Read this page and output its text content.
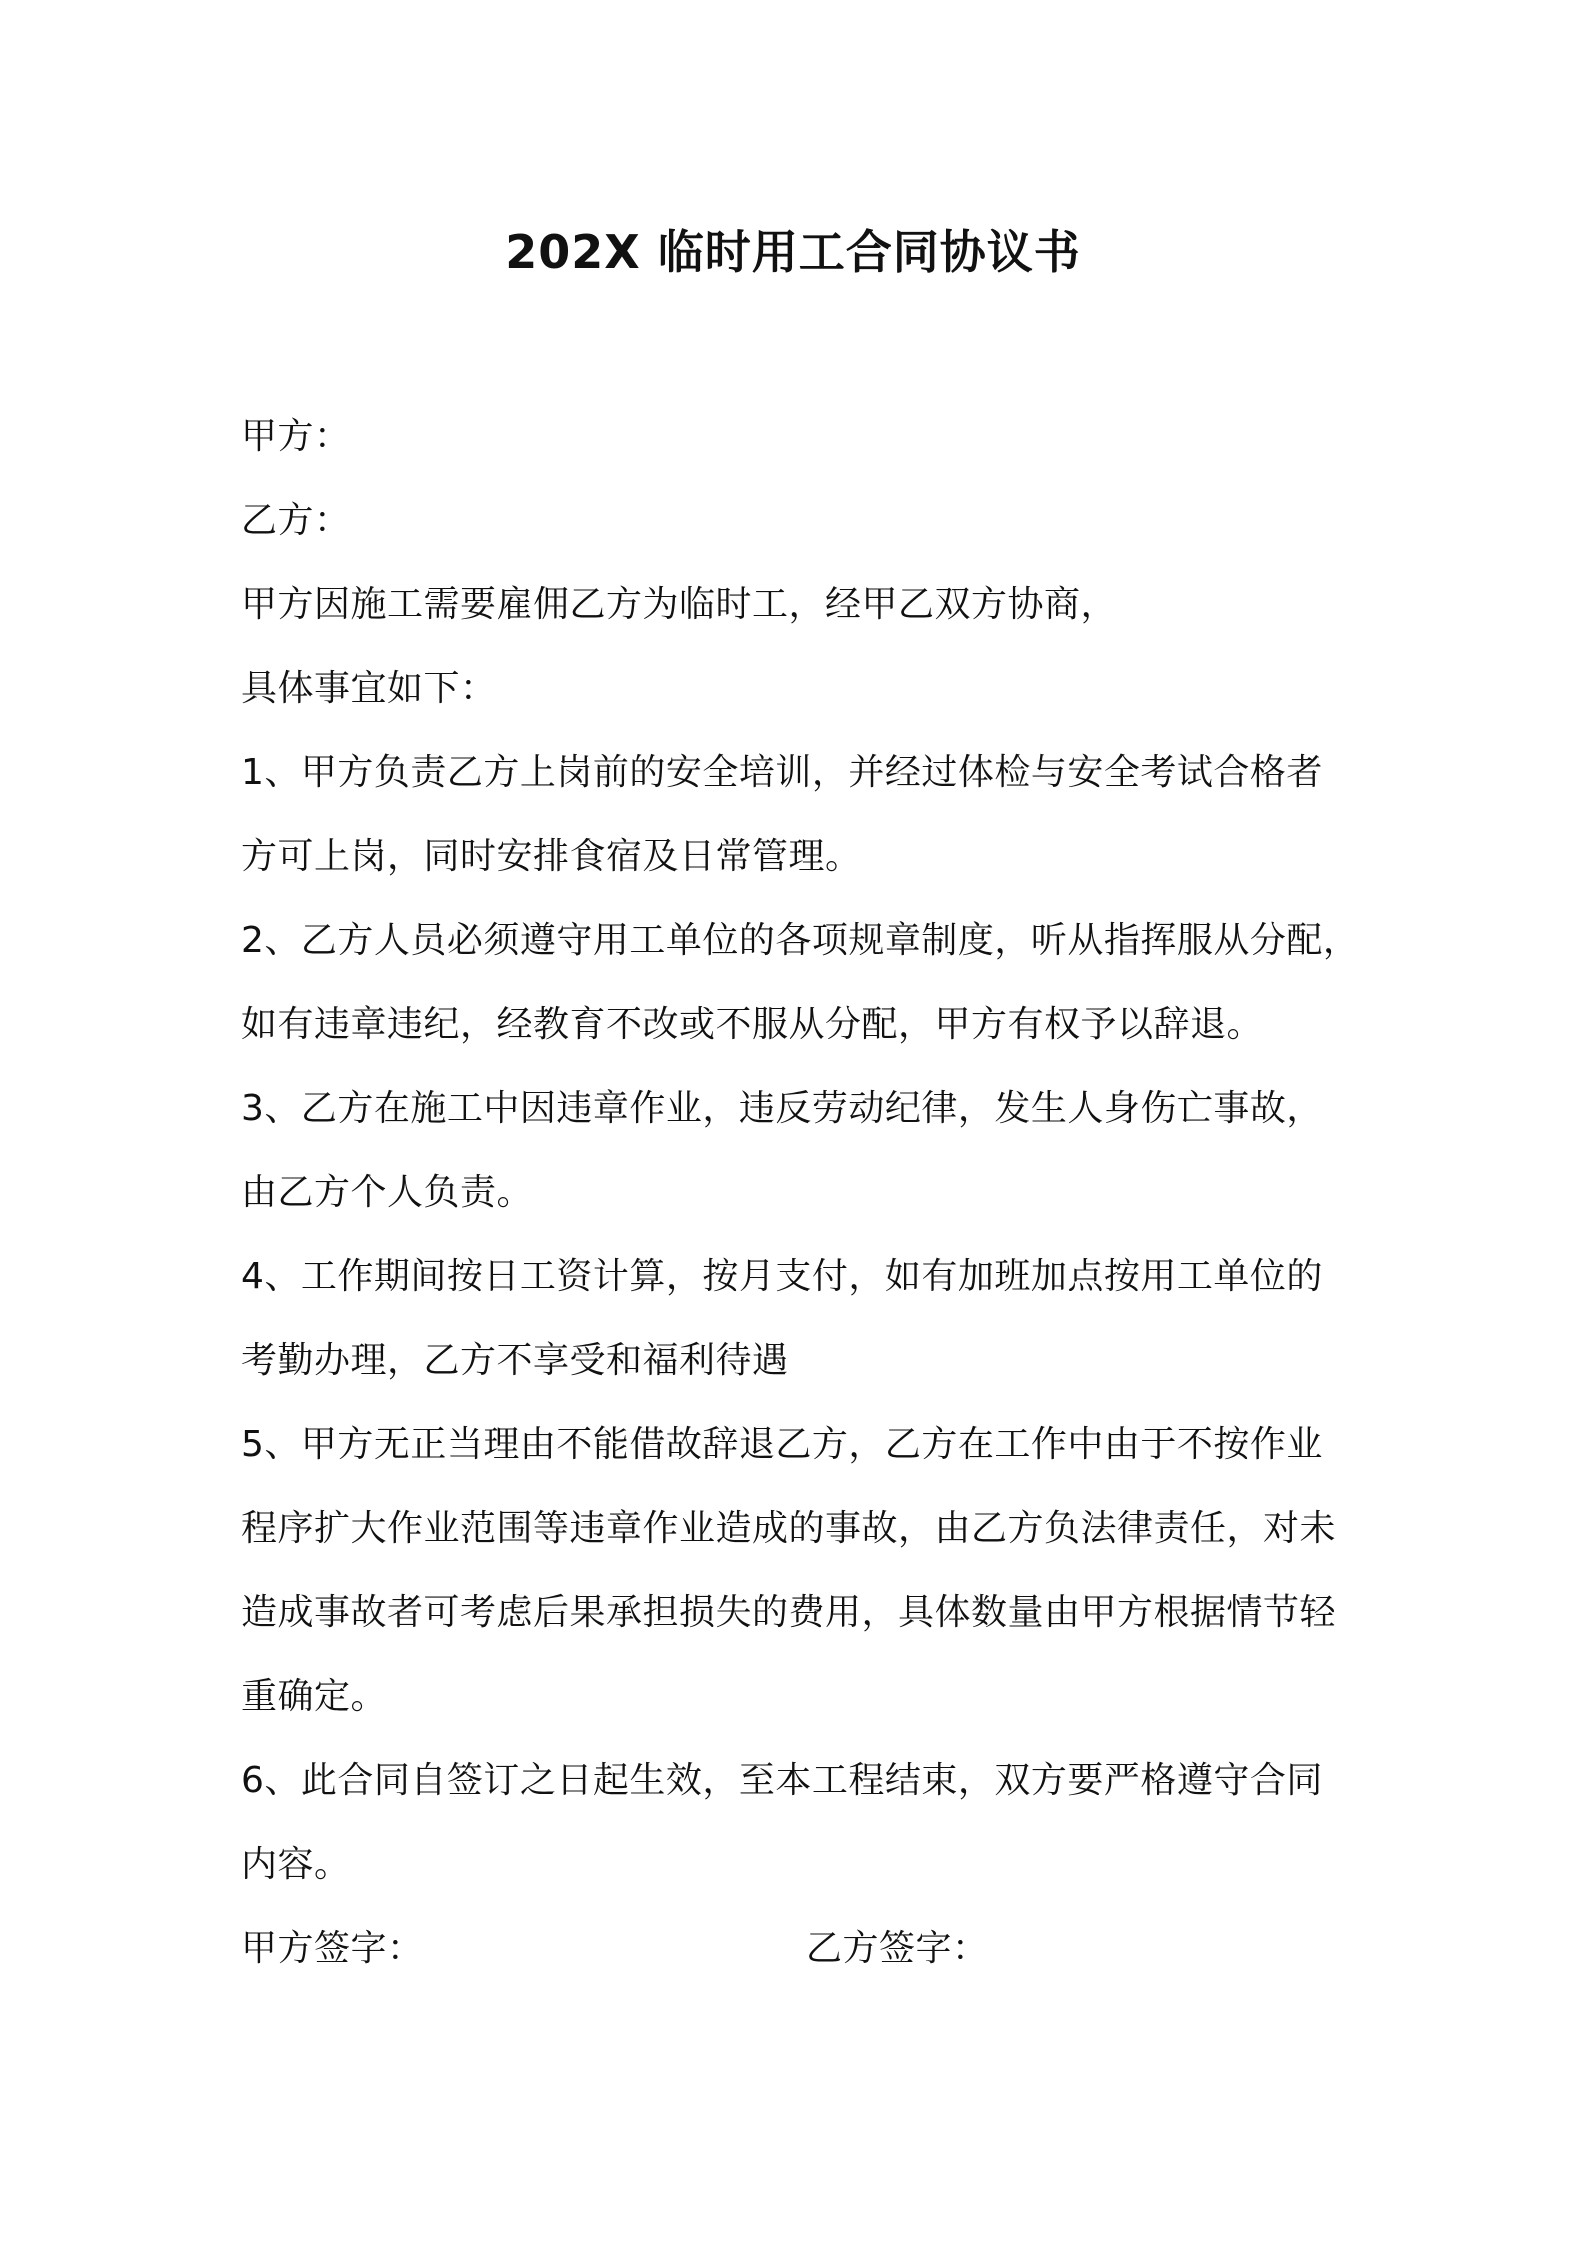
202X 临时用工合同协议书
甲方：
乙方：
甲方因施工需要雇佣乙方为临时工，经甲乙双方协商，
具体事宜如下：
1、甲方负责乙方上岗前的安全培训，并经过体检与安全考试合格者
方可上岗，同时安排食宿及日常管理。
2、乙方人员必须遵守用工单位的各项规章制度，听从指挥服从分配，
如有违章违纪，经教育不改或不服从分配，甲方有权予以辞退。
3、乙方在施工中因违章作业，违反劳动纪律，发生人身伤亡事故，
由乙方个人负责。
4、工作期间按日工资计算，按月支付，如有加班加点按用工单位的
考勤办理，乙方不享受和福利待遇
5、甲方无正当理由不能借故辞退乙方，乙方在工作中由于不按作业
程序扩大作业范围等违章作业造成的事故，由乙方负法律责任，对未
造成事故者可考虑后果承担损失的费用，具体数量由甲方根据情节轻
重确定。
6、此合同自签订之日起生效，至本工程结束，双方要严格遵守合同
内容。
甲方签字：	乙方签字：
